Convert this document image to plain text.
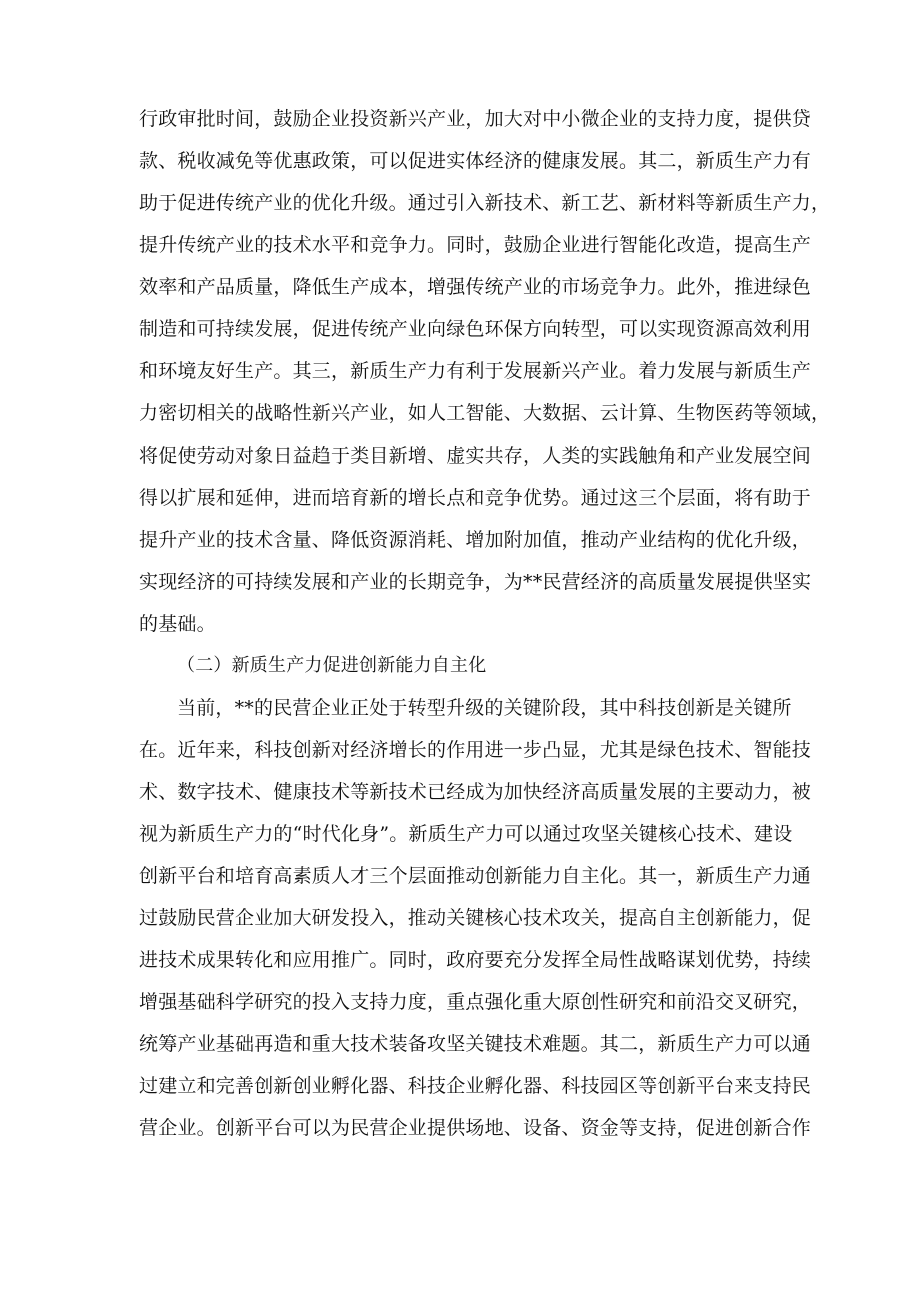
行政审批时间，鼓励企业投资新兴产业，加大对中小微企业的支持力度，提供贷
款、税收减免等优惠政策，可以促进实体经济的健康发展。其二，新质生产力有
助于促进传统产业的优化升级。通过引入新技术、新工艺、新材料等新质生产力，
提升传统产业的技术水平和竞争力。同时，鼓励企业进行智能化改造，提高生产
效率和产品质量，降低生产成本，增强传统产业的市场竞争力。此外，推进绿色
制造和可持续发展，促进传统产业向绿色环保方向转型，可以实现资源高效利用
和环境友好生产。其三，新质生产力有利于发展新兴产业。着力发展与新质生产
力密切相关的战略性新兴产业，如人工智能、大数据、云计算、生物医药等领域，
将促使劳动对象日益趋于类目新增、虚实共存，人类的实践触角和产业发展空间
得以扩展和延伸，进而培育新的增长点和竞争优势。通过这三个层面，将有助于
提升产业的技术含量、降低资源消耗、增加附加值，推动产业结构的优化升级，
实现经济的可持续发展和产业的长期竞争，为**民营经济的高质量发展提供坚实
的基础。
（二）新质生产力促进创新能力自主化
当前，**的民营企业正处于转型升级的关键阶段，其中科技创新是关键所
在。近年来，科技创新对经济增长的作用进一步凸显，尤其是绿色技术、智能技
术、数字技术、健康技术等新技术已经成为加快经济高质量发展的主要动力，被
视为新质生产力的“时代化身”。新质生产力可以通过攻坚关键核心技术、建设
创新平台和培育高素质人才三个层面推动创新能力自主化。其一，新质生产力通
过鼓励民营企业加大研发投入，推动关键核心技术攻关，提高自主创新能力，促
进技术成果转化和应用推广。同时，政府要充分发挥全局性战略谋划优势，持续
增强基础科学研究的投入支持力度，重点强化重大原创性研究和前沿交叉研究，
统筹产业基础再造和重大技术装备攻坚关键技术难题。其二，新质生产力可以通
过建立和完善创新创业孵化器、科技企业孵化器、科技园区等创新平台来支持民
营企业。创新平台可以为民营企业提供场地、设备、资金等支持，促进创新合作
